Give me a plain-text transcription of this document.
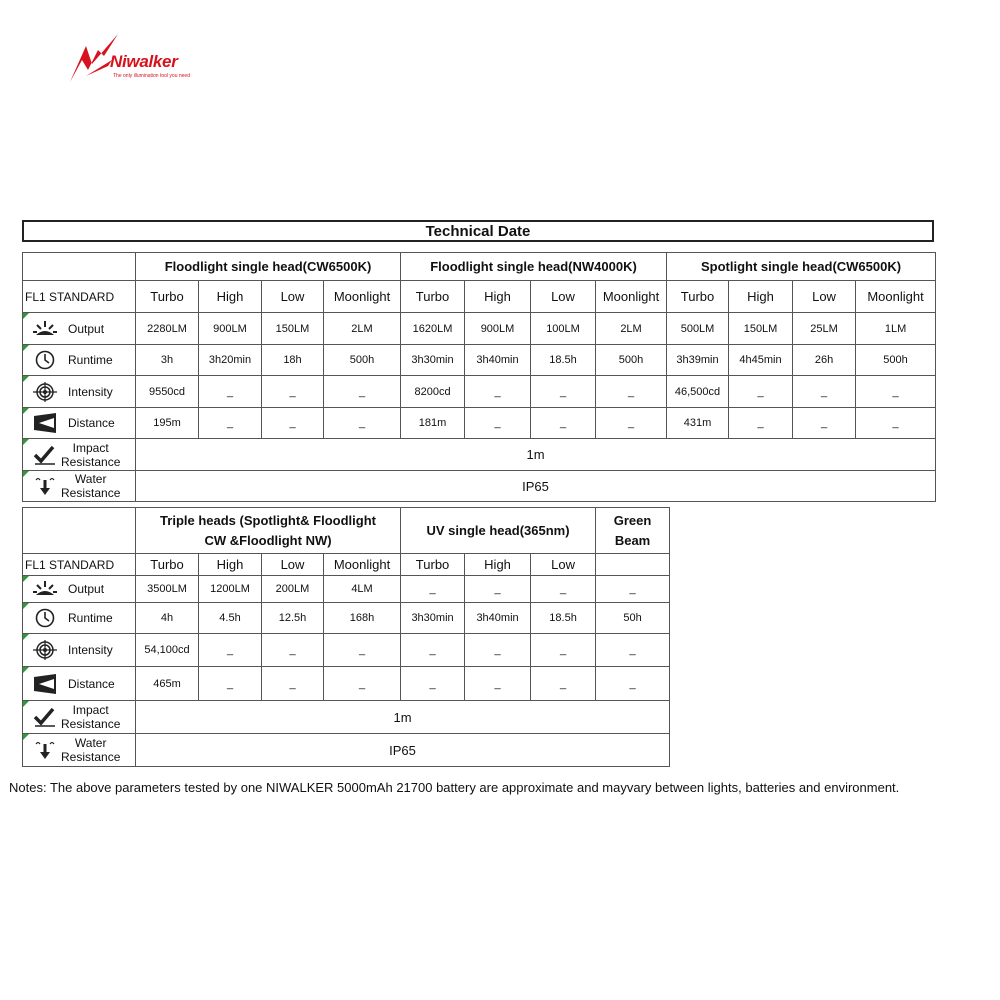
Niwalker
The only illumination tool you need
Technical Date
	Floodlight single head(CW6500K)				Floodlight single head(NW4000K)				Spotlight single head(CW6500K)			
FL1 STANDARD	Turbo	High	Low	Moonlight	Turbo	High	Low	Moonlight	Turbo	High	Low	Moonlight

Output	2280LM	900LM	150LM	2LM	1620LM	900LM	100LM	2LM	500LM	150LM	25LM	1LM

Runtime	3h	3h20min	18h	500h	3h30min	3h40min	18.5h	500h	3h39min	4h45min	26h	500h

Intensity	9550cd	_	_	_	8200cd	_	_	_	46,500cd	_	_	_

Distance	195m	_	_	_	181m	_	_	_	431m	_	_	_

Impact
Resistance	1m											

Water
Resistance	IP65											
	Triple heads (Spotlight& Floodlight CW &Floodlight NW)				UV single head(365nm)			Green Beam
FL1 STANDARD	Turbo	High	Low	Moonlight	Turbo	High	Low	

Output	3500LM	1200LM	200LM	4LM	_	_	_	_

Runtime	4h	4.5h	12.5h	168h	3h30min	3h40min	18.5h	50h

Intensity	54,100cd	_	_	_	_	_	_	_

Distance	465m	_	_	_	_	_	_	_

Impact
Resistance	1m							

Water
Resistance	IP65							
Notes: The above parameters tested by one NIWALKER 5000mAh 21700 battery are approximate and mayvary between lights, batteries and environment.
